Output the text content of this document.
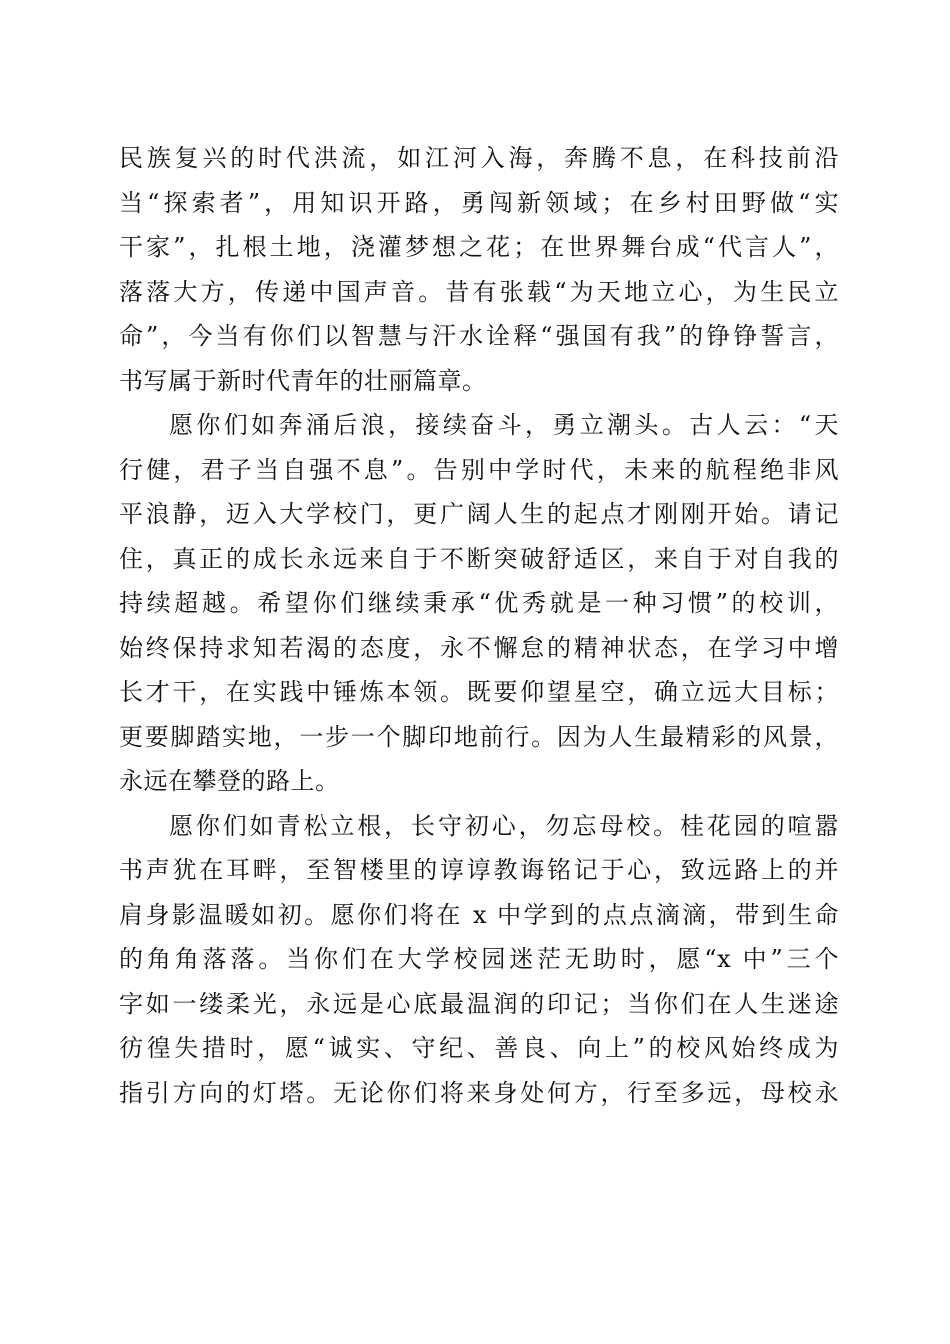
民族复兴的时代洪流，如江河入海，奔腾不息，在科技前沿
当“探索者”，用知识开路，勇闯新领域；在乡村田野做“实
干家”，扎根土地，浇灌梦想之花；在世界舞台成“代言人”，
落落大方，传递中国声音。昔有张载“为天地立心，为生民立
命”，今当有你们以智慧与汗水诠释“强国有我”的铮铮誓言，
书写属于新时代青年的壮丽篇章。
愿你们如奔涌后浪，接续奋斗，勇立潮头。古人云：“天
行健，君子当自强不息”。告别中学时代，未来的航程绝非风
平浪静，迈入大学校门，更广阔人生的起点才刚刚开始。请记
住，真正的成长永远来自于不断突破舒适区，来自于对自我的
持续超越。希望你们继续秉承“优秀就是一种习惯”的校训，
始终保持求知若渴的态度，永不懈怠的精神状态，在学习中增
长才干，在实践中锤炼本领。既要仰望星空，确立远大目标；
更要脚踏实地，一步一个脚印地前行。因为人生最精彩的风景，
永远在攀登的路上。
愿你们如青松立根，长守初心，勿忘母校。桂花园的喧嚣
书声犹在耳畔，至智楼里的谆谆教诲铭记于心，致远路上的并
肩身影温暖如初。愿你们将在 x 中学到的点点滴滴，带到生命
的角角落落。当你们在大学校园迷茫无助时，愿“x 中”三个
字如一缕柔光，永远是心底最温润的印记；当你们在人生迷途
彷徨失措时，愿“诚实、守纪、善良、向上”的校风始终成为
指引方向的灯塔。无论你们将来身处何方，行至多远，母校永
